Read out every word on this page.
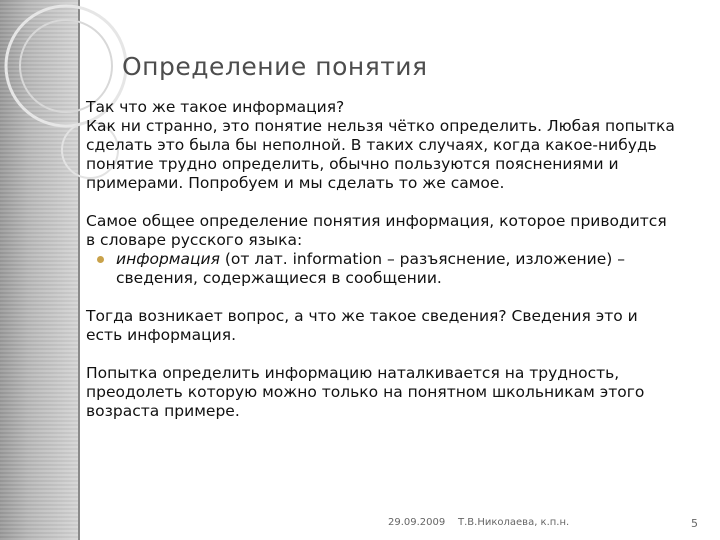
Определение понятия

Так что же такое информация?

Как ни странно, это понятие нельзя чётко определить. Любая попытка сделать это была бы неполной. В таких случаях, когда какое-нибудь понятие трудно определить, обычно пользуются пояснениями и примерами. Попробуем и мы сделать то же самое.

Самое общее определение понятия информация, которое приводится в словаре русского языка:

информация (от лат. information – разъяснение, изложение) – сведения, содержащиеся в сообщении.

Тогда возникает вопрос, а что же такое сведения? Сведения это и есть информация.

Попытка определить информацию наталкивается на трудность, преодолеть которую можно только на понятном школьникам этого возраста примере.

29.09.2009 Т.В.Николаева, к.п.н.	5
